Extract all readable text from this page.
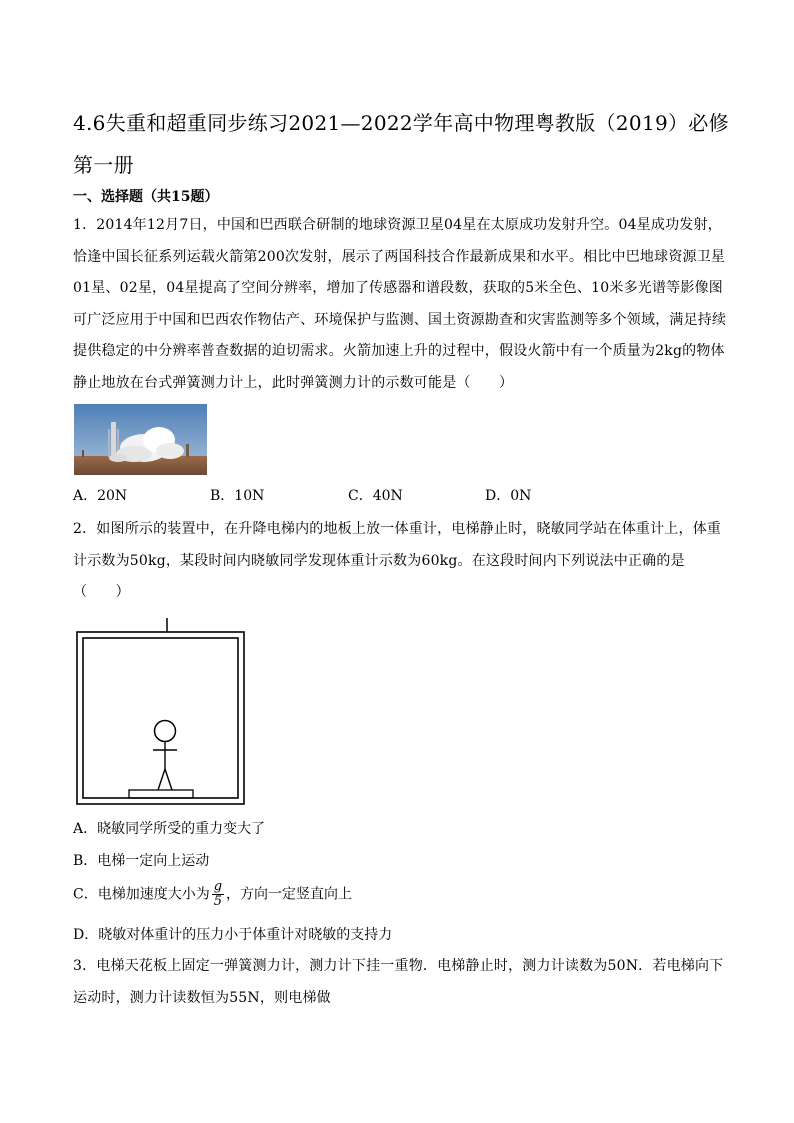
4.6失重和超重同步练习2021—2022学年高中物理粤教版（2019）必修第一册
一、选择题（共15题）
1．2014年12月7日，中国和巴西联合研制的地球资源卫星04星在太原成功发射升空。04星成功发射，恰逢中国长征系列运载火箭第200次发射，展示了两国科技合作最新成果和水平。相比中巴地球资源卫星01星、02星，04星提高了空间分辨率，增加了传感器和谱段数，获取的5米全色、10米多光谱等影像图可广泛应用于中国和巴西农作物估产、环境保护与监测、国土资源勘查和灾害监测等多个领域，满足持续提供稳定的中分辨率普查数据的迫切需求。火箭加速上升的过程中，假设火箭中有一个质量为2kg的物体静止地放在台式弹簧测力计上，此时弹簧测力计的示数可能是（　　）
A．20N	B．10N	C．40N	D．0N
2．如图所示的装置中，在升降电梯内的地板上放一体重计，电梯静止时，晓敏同学站在体重计上，体重计示数为50kg，某段时间内晓敏同学发现体重计示数为60kg。在这段时间内下列说法中正确的是（　　）
A．晓敏同学所受的重力变大了
B．电梯一定向上运动
C．电梯加速度大小为 $\frac{g}{5}$ ，方向一定竖直向上
D．晓敏对体重计的压力小于体重计对晓敏的支持力
3．电梯天花板上固定一弹簧测力计，测力计下挂一重物．电梯静止时，测力计读数为50N．若电梯向下运动时，测力计读数恒为55N，则电梯做
